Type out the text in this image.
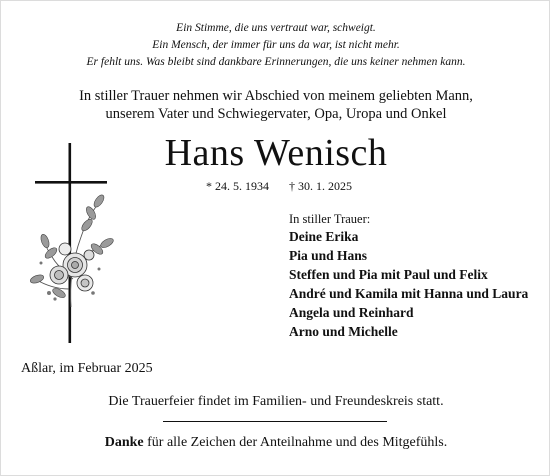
Ein Stimme, die uns vertraut war, schweigt.
Ein Mensch, der immer für uns da war, ist nicht mehr.
Er fehlt uns. Was bleibt sind dankbare Erinnerungen, die uns keiner nehmen kann.
In stiller Trauer nehmen wir Abschied von meinem geliebten Mann,
unserem Vater und Schwiegervater, Opa, Uropa und Onkel
Hans Wenisch
* 24. 5. 1934 † 30. 1. 2025
In stiller Trauer:
Deine Erika
Pia und Hans
Steffen und Pia mit Paul und Felix
André und Kamila mit Hanna und Laura
Angela und Reinhard
Arno und Michelle
Aßlar, im Februar 2025
Die Trauerfeier findet im Familien- und Freundeskreis statt.
Danke für alle Zeichen der Anteilnahme und des Mitgefühls.
